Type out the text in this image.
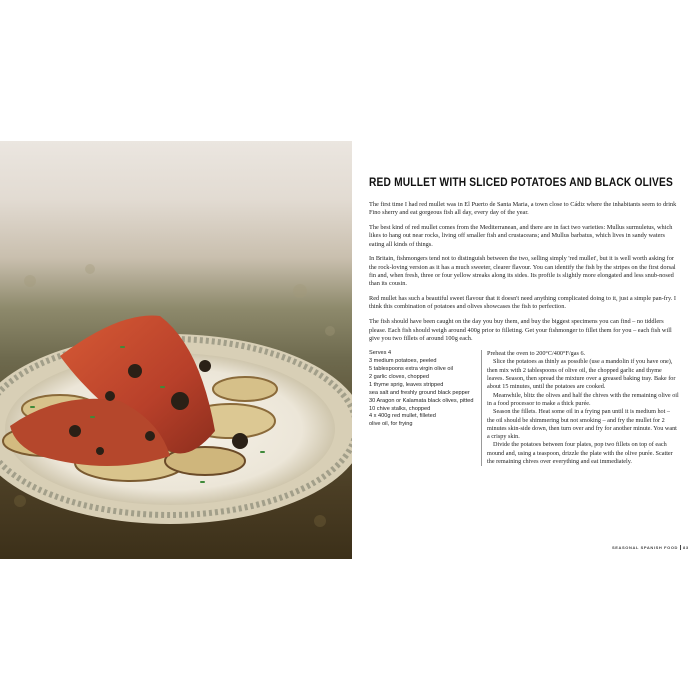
RED MULLET WITH SLICED POTATOES AND BLACK OLIVES

The first time I had red mullet was in El Puerto de Santa Maria, a town close to Cádiz where the inhabitants seem to drink Fino sherry and eat gorgeous fish all day, every day of the year.

The best kind of red mullet comes from the Mediterranean, and there are in fact two varieties: Mullus surmuletus, which likes to hang out near rocks, living off smaller fish and crustaceans; and Mullus barbatus, which lives in sandy waters eating all kinds of things.

In Britain, fishmongers tend not to distinguish between the two, selling simply 'red mullet', but it is well worth asking for the rock-loving version as it has a much sweeter, clearer flavour. You can identify the fish by the stripes on the first dorsal fin and, when fresh, three or four yellow streaks along its sides. Its profile is slightly more elongated and less snub-nosed than its cousin.

Red mullet has such a beautiful sweet flavour that it doesn't need anything complicated doing to it, just a simple pan-fry. I think this combination of potatoes and olives showcases the fish to perfection.

The fish should have been caught on the day you buy them, and buy the biggest specimens you can find – no tiddlers please. Each fish should weigh around 400g prior to filleting. Get your fishmonger to fillet them for you – each fish will give you two fillets of around 100g each.

Serves 4
3 medium potatoes, peeled
5 tablespoons extra virgin olive oil
2 garlic cloves, chopped
1 thyme sprig, leaves stripped
sea salt and freshly ground black pepper
30 Aragon or Kalamata black olives, pitted
10 chive stalks, chopped
4 x 400g red mullet, filleted
olive oil, for frying

Preheat the oven to 200°C/400°F/gas 6.

Slice the potatoes as thinly as possible (use a mandolin if you have one), then mix with 2 tablespoons of olive oil, the chopped garlic and thyme leaves. Season, then spread the mixture over a greased baking tray. Bake for about 15 minutes, until the potatoes are cooked.

Meanwhile, blitz the olives and half the chives with the remaining olive oil in a food processor to make a thick purée.

Season the fillets. Heat some oil in a frying pan until it is medium hot – the oil should be shimmering but not smoking – and fry the mullet for 2 minutes skin-side down, then turn over and fry for another minute. You want a crispy skin.

Divide the potatoes between four plates, pop two fillets on top of each mound and, using a teaspoon, drizzle the plate with the olive purée. Scatter the remaining chives over everything and eat immediately.

SEASONAL SPANISH FOOD 83
